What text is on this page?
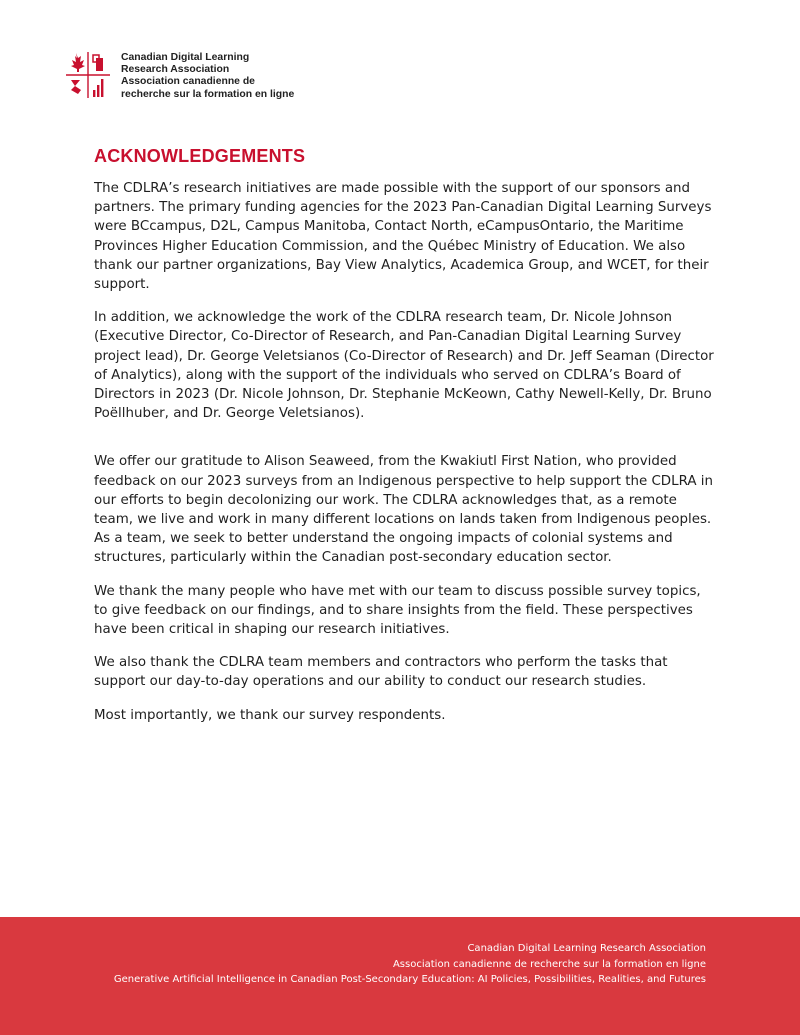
Canadian Digital Learning
Research Association
Association canadienne de
recherche sur la formation en ligne
ACKNOWLEDGEMENTS

The CDLRA’s research initiatives are made possible with the support of our sponsors and partners. The primary funding agencies for the 2023 Pan-Canadian Digital Learning Surveys were BCcampus, D2L, Campus Manitoba, Contact North, eCampusOntario, the Maritime Provinces Higher Education Commission, and the Québec Ministry of Education. We also thank our partner organizations, Bay View Analytics, Academica Group, and WCET, for their support.

In addition, we acknowledge the work of the CDLRA research team, Dr. Nicole Johnson (Executive Director, Co-Director of Research, and Pan-Canadian Digital Learning Survey project lead), Dr. George Veletsianos (Co-Director of Research) and Dr. Jeff Seaman (Director of Analytics), along with the support of the individuals who served on CDLRA’s Board of Directors in 2023 (Dr. Nicole Johnson, Dr. Stephanie McKeown, Cathy Newell-Kelly, Dr. Bruno Poëllhuber, and Dr. George Veletsianos).

We offer our gratitude to Alison Seaweed, from the Kwakiutl First Nation, who provided feedback on our 2023 surveys from an Indigenous perspective to help support the CDLRA in our efforts to begin decolonizing our work. The CDLRA acknowledges that, as a remote team, we live and work in many different locations on lands taken from Indigenous peoples. As a team, we seek to better understand the ongoing impacts of colonial systems and structures, particularly within the Canadian post-secondary education sector.

We thank the many people who have met with our team to discuss possible survey topics, to give feedback on our findings, and to share insights from the field. These perspectives have been critical in shaping our research initiatives.

We also thank the CDLRA team members and contractors who perform the tasks that support our day-to-day operations and our ability to conduct our research studies.

Most importantly, we thank our survey respondents.

Canadian Digital Learning Research Association
Association canadienne de recherche sur la formation en ligne
Generative Artificial Intelligence in Canadian Post-Secondary Education: AI Policies, Possibilities, Realities, and Futures
